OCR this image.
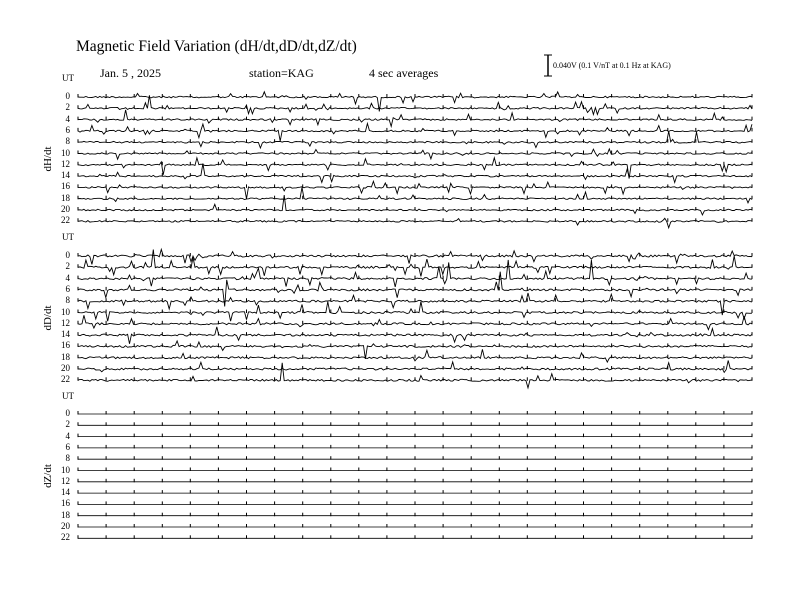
Magnetic Field Variation (dH/dt,dD/dt,dZ/dt)
Jan. 5 , 2025	station=KAG	4 sec averages
0.040V (0.1 V/nT at 0.1 Hz at KAG)
UT
dH/dt
0
2
4
6
8
10
12
14
16
18
20
22
UT
dD/dt
0
2
4
6
8
10
12
14
16
18
20
22
UT
dZ/dt
0
2
4
6
8
10
12
14
16
18
20
22
